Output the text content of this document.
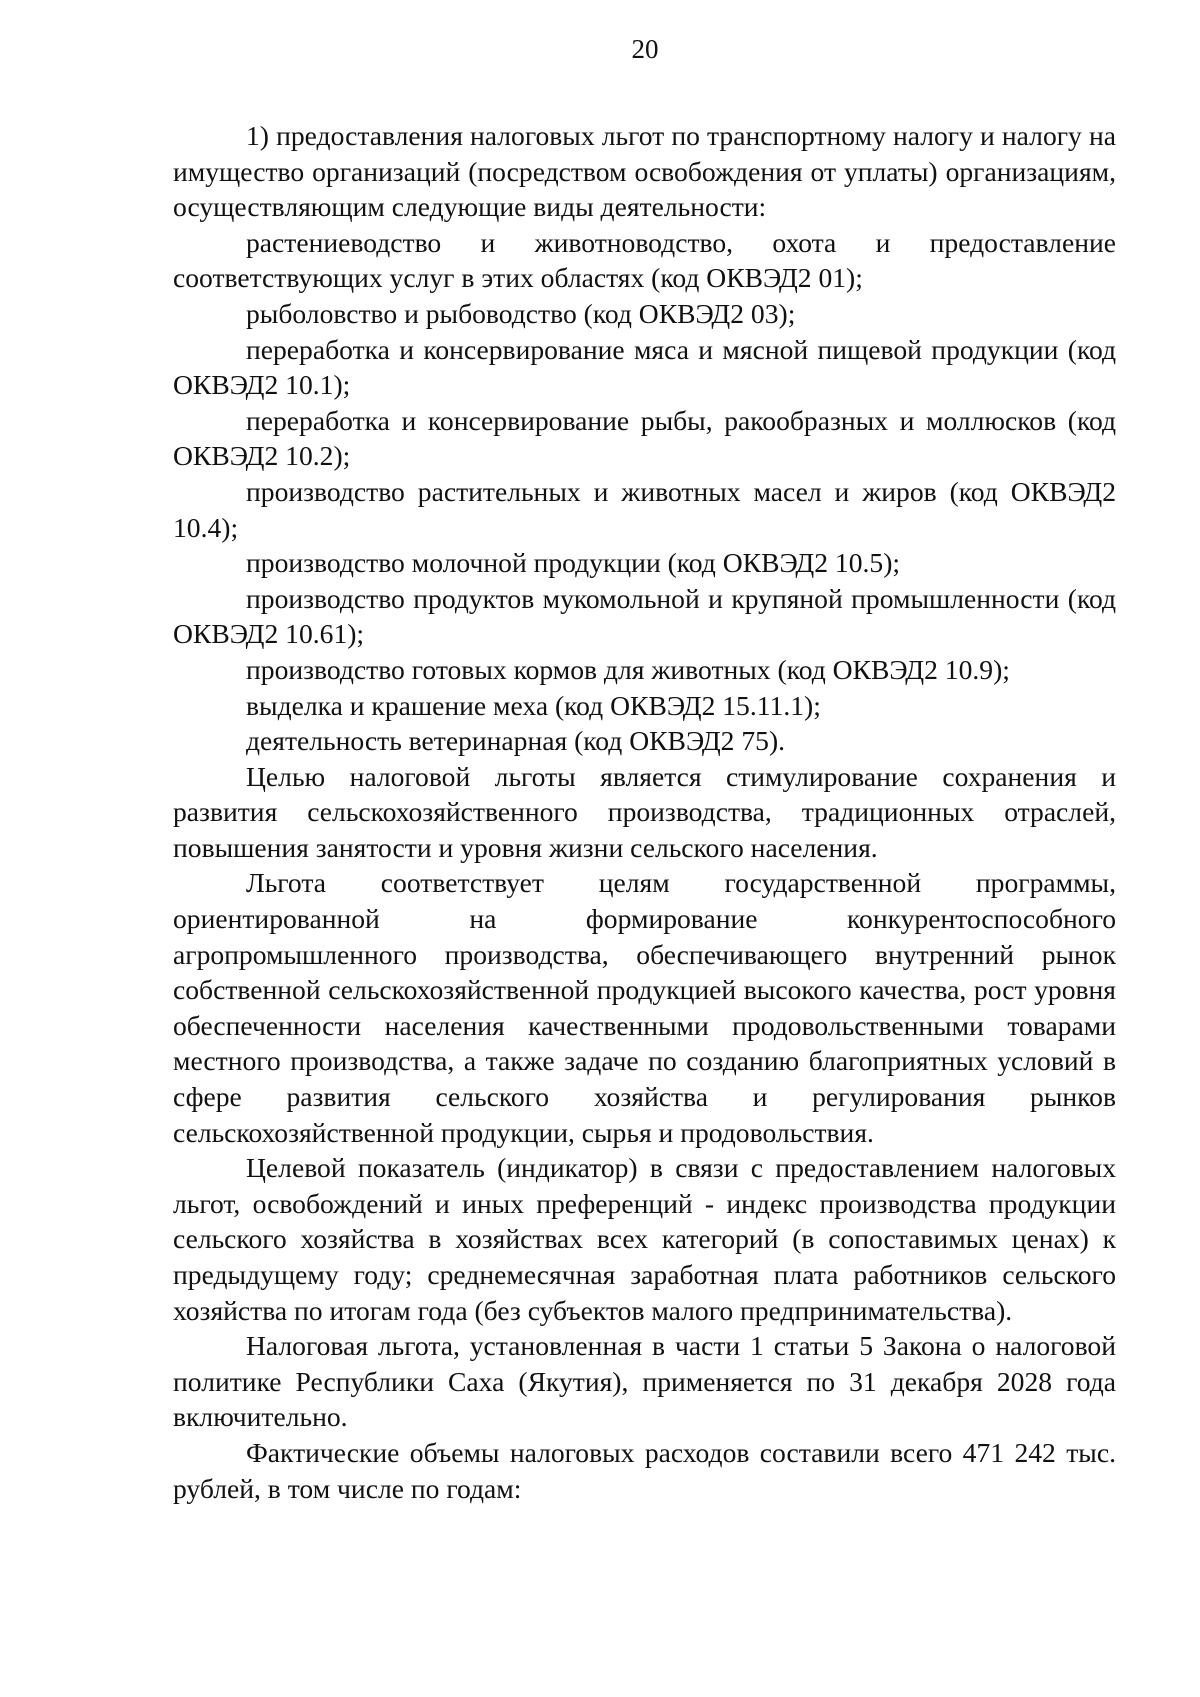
20

1) предоставления налоговых льгот по транспортному налогу и налогу на имущество организаций (посредством освобождения от уплаты) организациям, осуществляющим следующие виды деятельности:

растениеводство и животноводство, охота и предоставление соответствующих услуг в этих областях (код ОКВЭД2 01);

рыболовство и рыбоводство (код ОКВЭД2 03);

переработка и консервирование мяса и мясной пищевой продукции (код ОКВЭД2 10.1);

переработка и консервирование рыбы, ракообразных и моллюсков (код ОКВЭД2 10.2);

производство растительных и животных масел и жиров (код ОКВЭД2 10.4);

производство молочной продукции (код ОКВЭД2 10.5);

производство продуктов мукомольной и крупяной промышленности (код ОКВЭД2 10.61);

производство готовых кормов для животных (код ОКВЭД2 10.9);

выделка и крашение меха (код ОКВЭД2 15.11.1);

деятельность ветеринарная (код ОКВЭД2 75).

Целью налоговой льготы является стимулирование сохранения и развития сельскохозяйственного производства, традиционных отраслей, повышения занятости и уровня жизни сельского населения.

Льгота соответствует целям государственной программы, ориентированной на формирование конкурентоспособного агропромышленного производства, обеспечивающего внутренний рынок собственной сельскохозяйственной продукцией высокого качества, рост уровня обеспеченности населения качественными продовольственными товарами местного производства, а также задаче по созданию благоприятных условий в сфере развития сельского хозяйства и регулирования рынков сельскохозяйственной продукции, сырья и продовольствия.

Целевой показатель (индикатор) в связи с предоставлением налоговых льгот, освобождений и иных преференций - индекс производства продукции сельского хозяйства в хозяйствах всех категорий (в сопоставимых ценах) к предыдущему году; среднемесячная заработная плата работников сельского хозяйства по итогам года (без субъектов малого предпринимательства).

Налоговая льгота, установленная в части 1 статьи 5 Закона о налоговой политике Республики Саха (Якутия), применяется по 31 декабря 2028 года включительно.

Фактические объемы налоговых расходов составили всего 471 242 тыс. рублей, в том числе по годам:
